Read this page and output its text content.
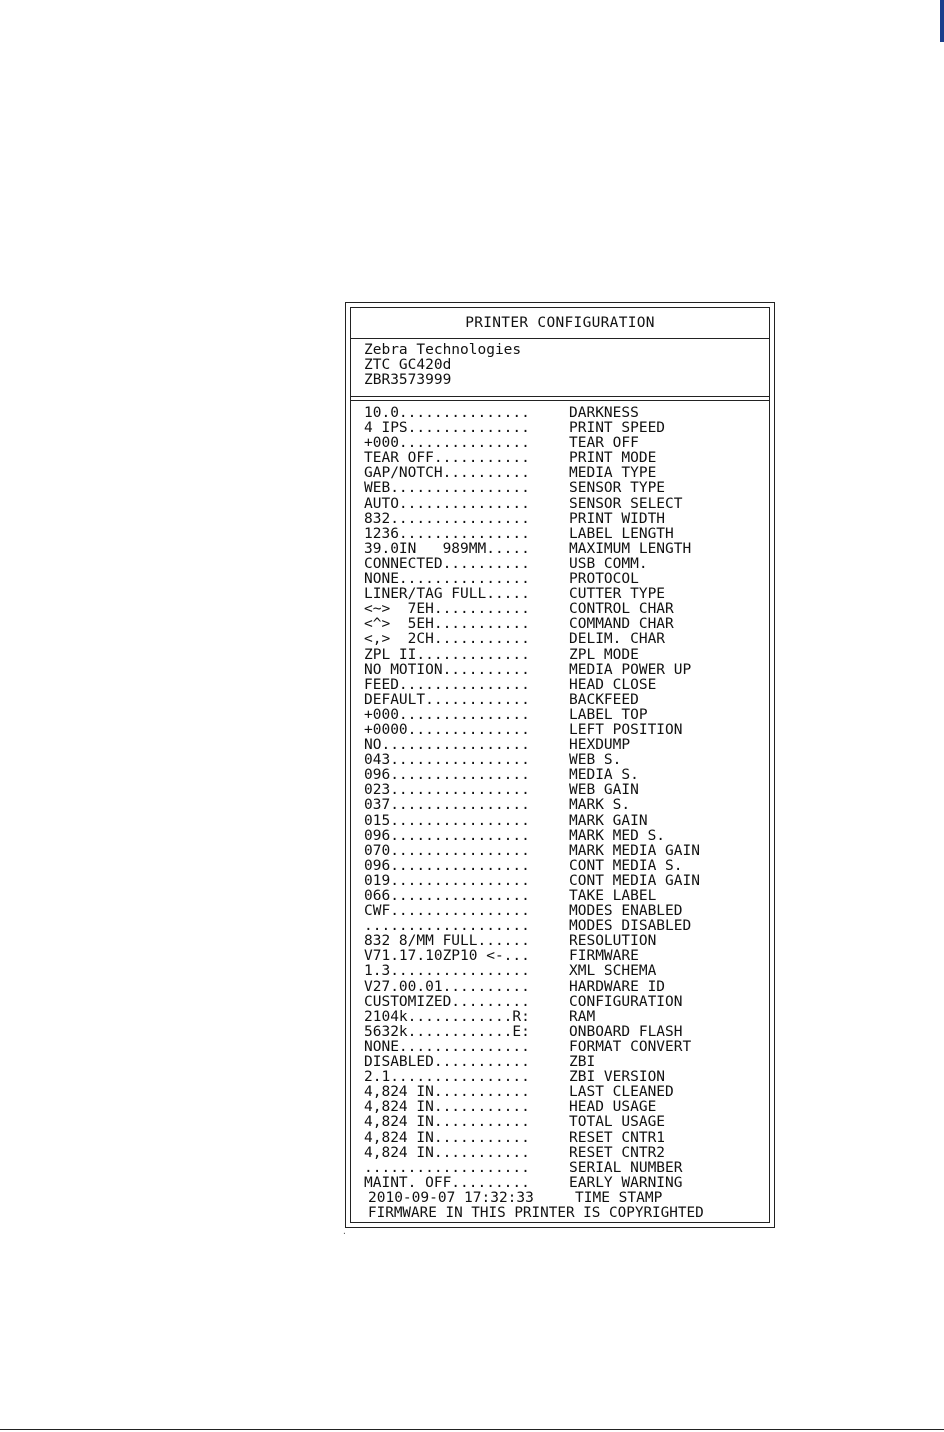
PRINTER CONFIGURATION
Zebra Technologies
ZTC GC420d
ZBR3573999
10.0...............	DARKNESS
4 IPS..............	PRINT SPEED
+000...............	TEAR OFF
TEAR OFF...........	PRINT MODE
GAP/NOTCH..........	MEDIA TYPE
WEB................	SENSOR TYPE
AUTO...............	SENSOR SELECT
832................	PRINT WIDTH
1236...............	LABEL LENGTH
39.0IN   989MM.....	MAXIMUM LENGTH
CONNECTED..........	USB COMM.
NONE...............	PROTOCOL
LINER/TAG FULL.....	CUTTER TYPE
<~>  7EH...........	CONTROL CHAR
<^>  5EH...........	COMMAND CHAR
<,>  2CH...........	DELIM. CHAR
ZPL II.............	ZPL MODE
NO MOTION..........	MEDIA POWER UP
FEED...............	HEAD CLOSE
DEFAULT............	BACKFEED
+000...............	LABEL TOP
+0000..............	LEFT POSITION
NO.................	HEXDUMP
043................	WEB S.
096................	MEDIA S.
023................	WEB GAIN
037................	MARK S.
015................	MARK GAIN
096................	MARK MED S.
070................	MARK MEDIA GAIN
096................	CONT MEDIA S.
019................	CONT MEDIA GAIN
066................	TAKE LABEL
CWF................	MODES ENABLED
...................	MODES DISABLED
832 8/MM FULL......	RESOLUTION
V71.17.10ZP10 <-...	FIRMWARE
1.3................	XML SCHEMA
V27.00.01..........	HARDWARE ID
CUSTOMIZED.........	CONFIGURATION
2104k............R:	RAM
5632k............E:	ONBOARD FLASH
NONE...............	FORMAT CONVERT
DISABLED...........	ZBI
2.1................	ZBI VERSION
4,824 IN...........	LAST CLEANED
4,824 IN...........	HEAD USAGE
4,824 IN...........	TOTAL USAGE
4,824 IN...........	RESET CNTR1
4,824 IN...........	RESET CNTR2
...................	SERIAL NUMBER
MAINT. OFF.........	EARLY WARNING
2010-09-07 17:32:33	TIME STAMP
FIRMWARE IN THIS PRINTER IS COPYRIGHTED
·
